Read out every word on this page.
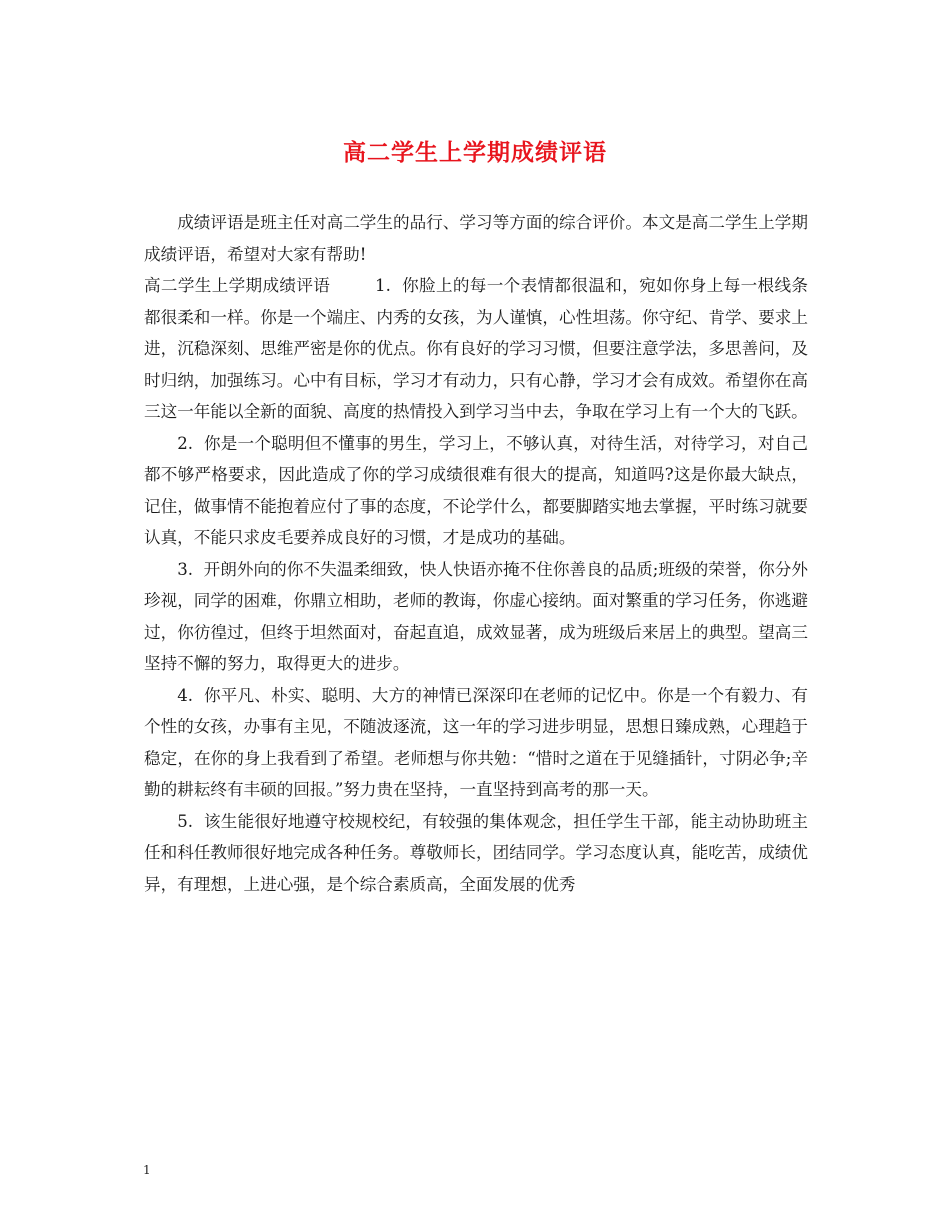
高二学生上学期成绩评语

成绩评语是班主任对高二学生的品行、学习等方面的综合评价。本文是高二学生上学期成绩评语，希望对大家有帮助!

高二学生上学期成绩评语        1.  你脸上的每一个表情都很温和，宛如你身上每一根线条都很柔和一样。你是一个端庄、内秀的女孩，为人谨慎，心性坦荡。你守纪、肯学、要求上进，沉稳深刻、思维严密是你的优点。你有良好的学习习惯，但要注意学法，多思善问，及时归纳，加强练习。心中有目标，学习才有动力，只有心静，学习才会有成效。希望你在高三这一年能以全新的面貌、高度的热情投入到学习当中去，争取在学习上有一个大的飞跃。

2.  你是一个聪明但不懂事的男生，学习上，不够认真，对待生活，对待学习，对自己都不够严格要求，因此造成了你的学习成绩很难有很大的提高，知道吗?这是你最大缺点，记住，做事情不能抱着应付了事的态度，不论学什么，都要脚踏实地去掌握，平时练习就要认真，不能只求皮毛要养成良好的习惯，才是成功的基础。

3.  开朗外向的你不失温柔细致，快人快语亦掩不住你善良的品质;班级的荣誉，你分外珍视，同学的困难，你鼎立相助，老师的教诲，你虚心接纳。面对繁重的学习任务，你逃避过，你彷徨过，但终于坦然面对，奋起直追，成效显著，成为班级后来居上的典型。望高三坚持不懈的努力，取得更大的进步。

4.  你平凡、朴实、聪明、大方的神情已深深印在老师的记忆中。你是一个有毅力、有个性的女孩，办事有主见，不随波逐流，这一年的学习进步明显，思想日臻成熟，心理趋于稳定，在你的身上我看到了希望。老师想与你共勉：“惜时之道在于见缝插针，寸阴必争;辛勤的耕耘终有丰硕的回报。”努力贵在坚持，一直坚持到高考的那一天。

5.  该生能很好地遵守校规校纪，有较强的集体观念，担任学生干部，能主动协助班主任和科任教师很好地完成各种任务。尊敬师长，团结同学。学习态度认真，能吃苦，成绩优异，有理想，上进心强，是个综合素质高，全面发展的优秀

1
